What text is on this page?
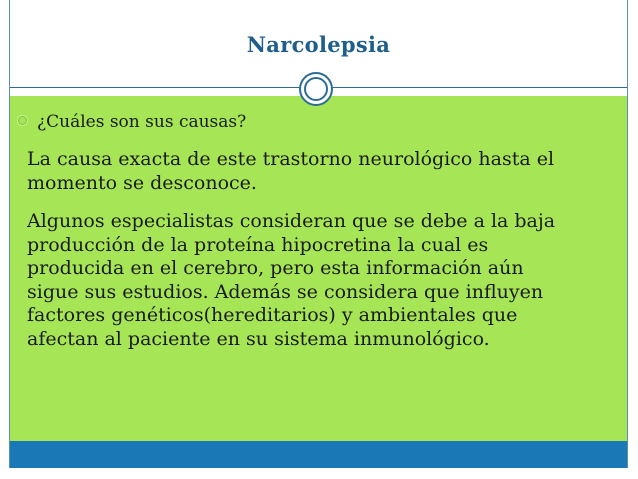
Narcolepsia
¿Cuáles son sus causas?
La causa exacta de este trastorno neurológico hasta el
momento se desconoce.
Algunos especialistas consideran que se debe a la baja
producción de la proteína hipocretina la cual es
producida en el cerebro, pero esta información aún
sigue sus estudios. Además se considera que influyen
factores genéticos(hereditarios) y ambientales que
afectan al paciente en su sistema inmunológico.
